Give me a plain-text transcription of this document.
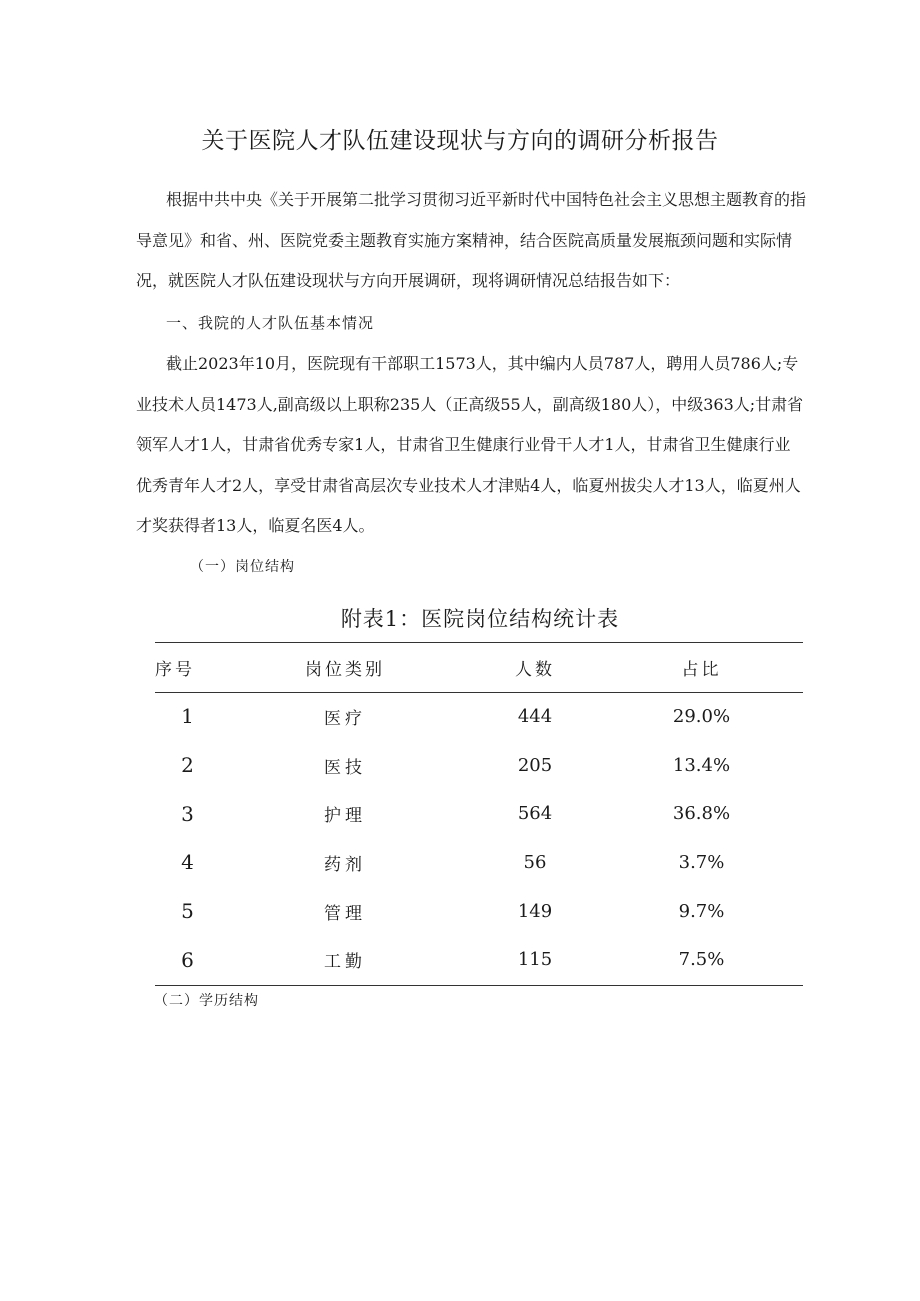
关于医院人才队伍建设现状与方向的调研分析报告

根据中共中央《关于开展第二批学习贯彻习近平新时代中国特色社会主义思想主题教育的指导意见》和省、州、医院党委主题教育实施方案精神，结合医院高质量发展瓶颈问题和实际情况，就医院人才队伍建设现状与方向开展调研，现将调研情况总结报告如下：

一、我院的人才队伍基本情况

截止2023年10月，医院现有干部职工1573人，其中编内人员787人，聘用人员786人;专业技术人员1473人,副高级以上职称235人（正高级55人，副高级180人），中级363人;甘肃省领军人才1人，甘肃省优秀专家1人，甘肃省卫生健康行业骨干人才1人，甘肃省卫生健康行业优秀青年人才2人，享受甘肃省高层次专业技术人才津贴4人，临夏州拔尖人才13人，临夏州人才奖获得者13人，临夏名医4人。

（一）岗位结构
附表1：医院岗位结构统计表
序号	岗位类别	人数	占比
1	医疗	444	29.0%
2	医技	205	13.4%
3	护理	564	36.8%
4	药剂	56	3.7%
5	管理	149	9.7%
6	工勤	115	7.5%
（二）学历结构
